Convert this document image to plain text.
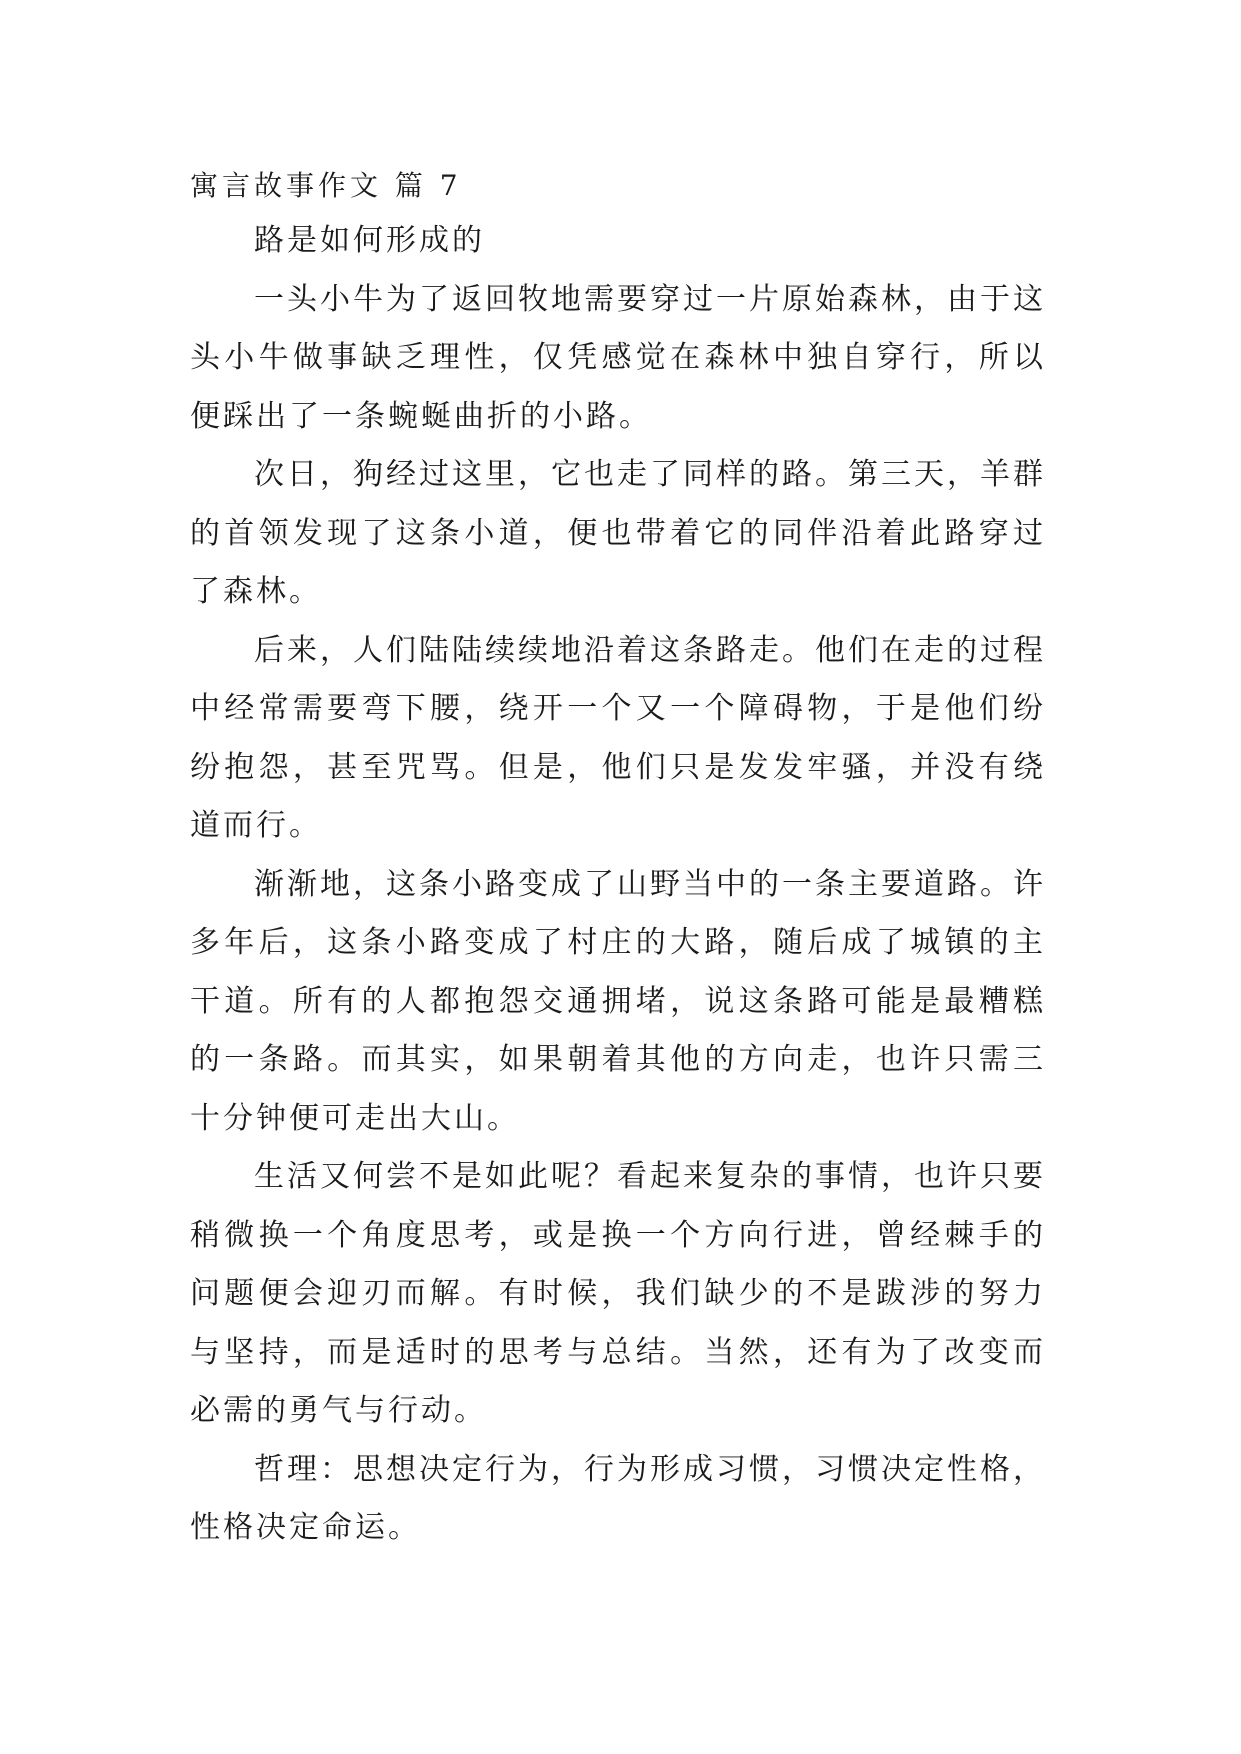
寓言故事作文 篇 7

路是如何形成的

一头小牛为了返回牧地需要穿过一片原始森林，由于这头小牛做事缺乏理性，仅凭感觉在森林中独自穿行，所以便踩出了一条蜿蜒曲折的小路。

次日，狗经过这里，它也走了同样的路。第三天，羊群的首领发现了这条小道，便也带着它的同伴沿着此路穿过了森林。

后来，人们陆陆续续地沿着这条路走。他们在走的过程中经常需要弯下腰，绕开一个又一个障碍物，于是他们纷纷抱怨，甚至咒骂。但是，他们只是发发牢骚，并没有绕道而行。

渐渐地，这条小路变成了山野当中的一条主要道路。许多年后，这条小路变成了村庄的大路，随后成了城镇的主干道。所有的人都抱怨交通拥堵，说这条路可能是最糟糕的一条路。而其实，如果朝着其他的方向走，也许只需三十分钟便可走出大山。

生活又何尝不是如此呢？看起来复杂的事情，也许只要稍微换一个角度思考，或是换一个方向行进，曾经棘手的问题便会迎刃而解。有时候，我们缺少的不是跋涉的努力与坚持，而是适时的思考与总结。当然，还有为了改变而必需的勇气与行动。

哲理：思想决定行为，行为形成习惯，习惯决定性格，性格决定命运。
